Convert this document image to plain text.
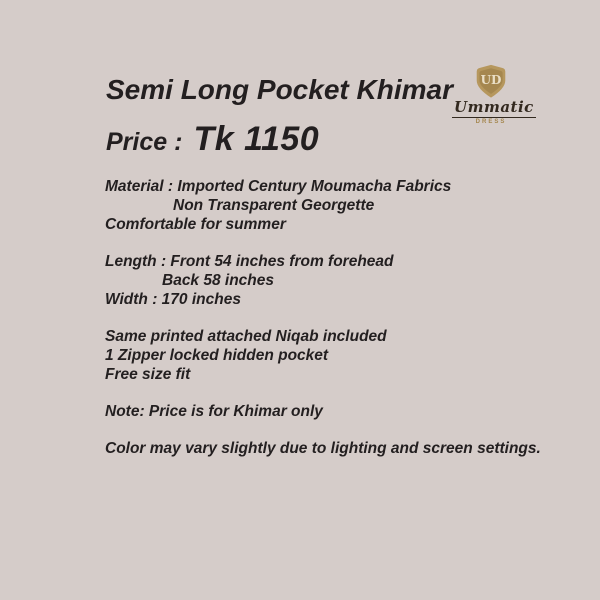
UD
Ummatic
DRESS
Semi Long Pocket Khimar
Price : Tk 1150
Material : Imported Century Moumacha Fabrics
Non Transparent Georgette
Comfortable for summer
Length : Front 54 inches from forehead
Back 58 inches
Width : 170 inches
Same printed attached Niqab included
1 Zipper locked hidden pocket
Free size fit
Note: Price is for Khimar only
Color may vary slightly due to lighting and screen settings.
